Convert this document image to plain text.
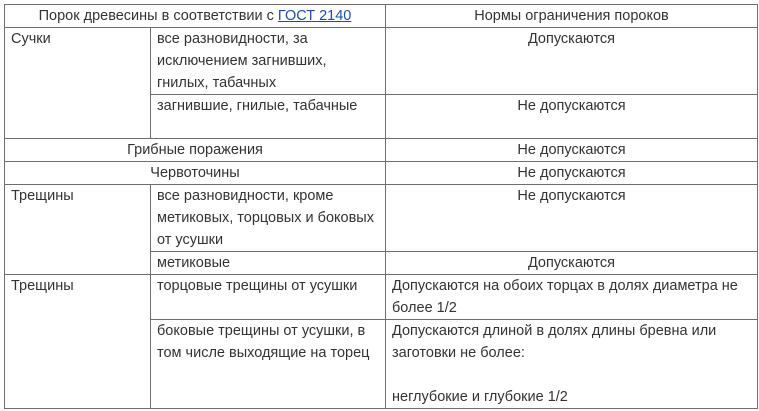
Порок древесины в соответствии с ГОСТ 2140		Нормы ограничения пороков
Сучки	все разновидности, за исключением загнивших, гнилых, табачных	Допускаются
	загнившие, гнилые, табачные	Не допускаются
Грибные поражения		Не допускаются
Червоточины		Не допускаются
Трещины	все разновидности, кроме метиковых, торцовых и боковых от усушки	Не допускаются
	метиковые	Допускаются
Трещины	торцовые трещины от усушки	Допускаются на обоих торцах в долях диаметра не более 1/2
	боковые трещины от усушки, в том числе выходящие на торец	Допускаются длиной в долях длины бревна или заготовки не более:
неглубокие и глубокие 1/2
